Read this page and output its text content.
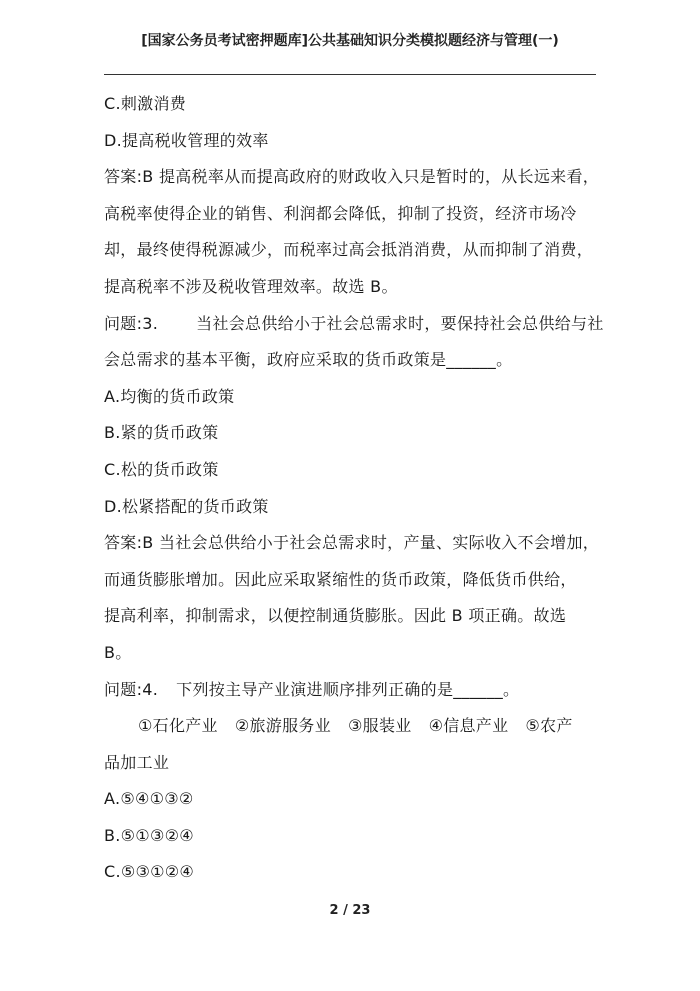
[国家公务员考试密押题库]公共基础知识分类模拟题经济与管理(一)
C.刺激消费
D.提高税收管理的效率
答案:B 提高税率从而提高政府的财政收入只是暂时的，从长远来看，
高税率使得企业的销售、利润都会降低，抑制了投资，经济市场冷
却，最终使得税源减少，而税率过高会抵消消费，从而抑制了消费，
提高税率不涉及税收管理效率。故选 B。
问题:3. 当社会总供给小于社会总需求时，要保持社会总供给与社
会总需求的基本平衡，政府应采取的货币政策是______。
A.均衡的货币政策
B.紧的货币政策
C.松的货币政策
D.松紧搭配的货币政策
答案:B 当社会总供给小于社会总需求时，产量、实际收入不会增加，
而通货膨胀增加。因此应采取紧缩性的货币政策，降低货币供给，
提高利率，抑制需求，以便控制通货膨胀。因此 B 项正确。故选
B。
问题:4. 下列按主导产业演进顺序排列正确的是______。
①石化产业 ②旅游服务业 ③服装业 ④信息产业 ⑤农产
品加工业
A.⑤④①③②
B.⑤①③②④
C.⑤③①②④
2 / 23
